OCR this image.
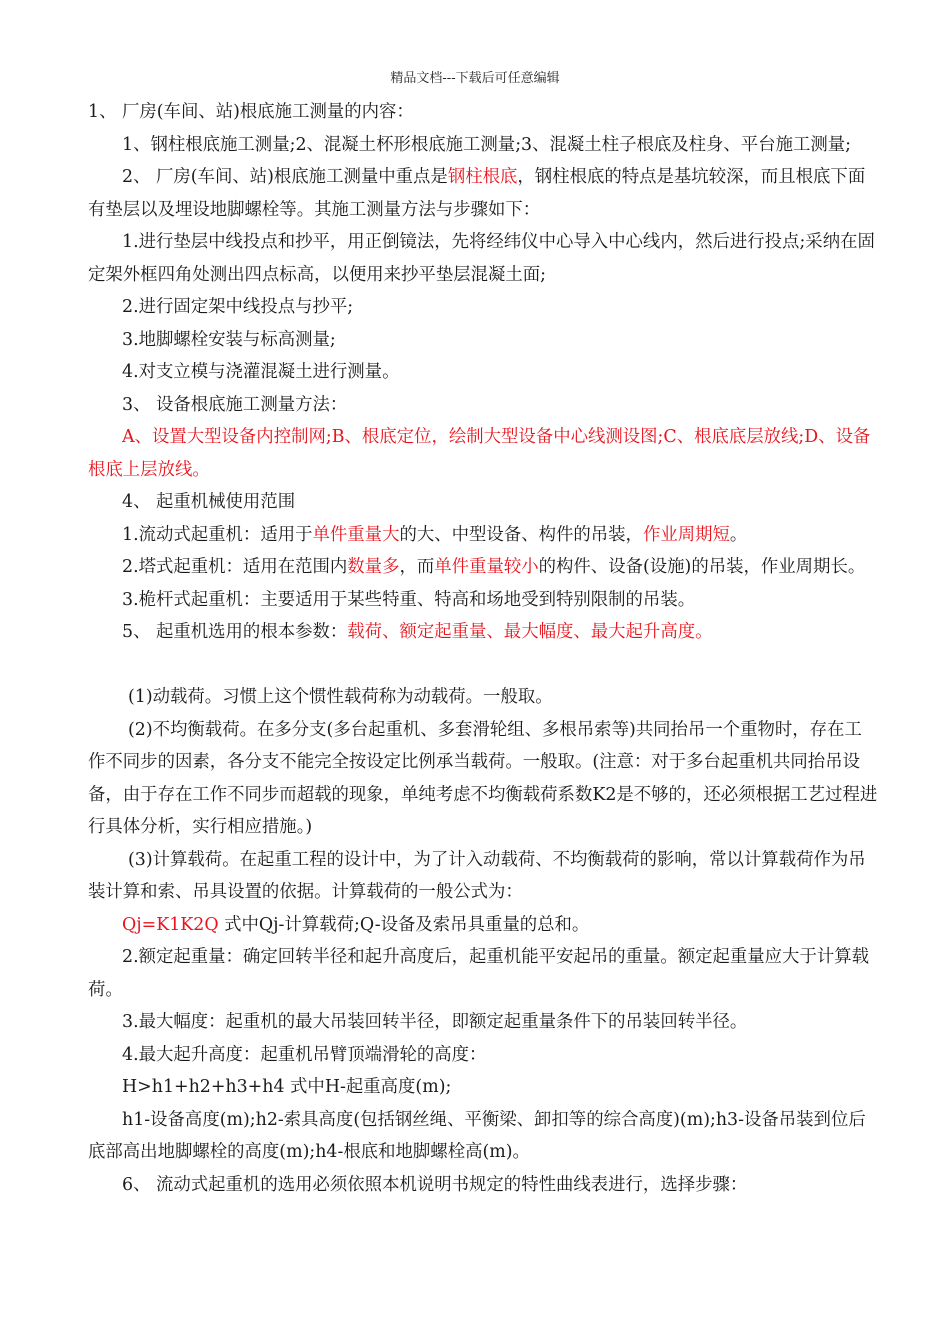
精品文档---下载后可任意编辑

1、 厂房(车间、站)根底施工测量的内容：

1、钢柱根底施工测量;2、混凝土杯形根底施工测量;3、混凝土柱子根底及柱身、平台施工测量;

2、 厂房(车间、站)根底施工测量中重点是钢柱根底，钢柱根底的特点是基坑较深，而且根底下面有垫层以及埋设地脚螺栓等。其施工测量方法与步骤如下：

1.进行垫层中线投点和抄平，用正倒镜法，先将经纬仪中心导入中心线内，然后进行投点;采纳在固定架外框四角处测出四点标高，以便用来抄平垫层混凝土面;

2.进行固定架中线投点与抄平;

3.地脚螺栓安装与标高测量;

4.对支立模与浇灌混凝土进行测量。

3、 设备根底施工测量方法：

A、设置大型设备内控制网;B、根底定位，绘制大型设备中心线测设图;C、根底底层放线;D、设备根底上层放线。

4、 起重机械使用范围

1.流动式起重机：适用于单件重量大的大、中型设备、构件的吊装，作业周期短。

2.塔式起重机：适用在范围内数量多，而单件重量较小的构件、设备(设施)的吊装，作业周期长。

3.桅杆式起重机：主要适用于某些特重、特高和场地受到特别限制的吊装。

5、 起重机选用的根本参数：载荷、额定起重量、最大幅度、最大起升高度。

(1)动载荷。习惯上这个惯性载荷称为动载荷。一般取。

(2)不均衡载荷。在多分支(多台起重机、多套滑轮组、多根吊索等)共同抬吊一个重物时，存在工作不同步的因素，各分支不能完全按设定比例承当载荷。一般取。(注意：对于多台起重机共同抬吊设备，由于存在工作不同步而超载的现象，单纯考虑不均衡载荷系数K2是不够的，还必须根据工艺过程进行具体分析，实行相应措施。)

(3)计算载荷。在起重工程的设计中，为了计入动载荷、不均衡载荷的影响，常以计算载荷作为吊装计算和索、吊具设置的依据。计算载荷的一般公式为：

Qj=K1K2Q 式中Qj-计算载荷;Q-设备及索吊具重量的总和。

2.额定起重量：确定回转半径和起升高度后，起重机能平安起吊的重量。额定起重量应大于计算载荷。

3.最大幅度：起重机的最大吊装回转半径，即额定起重量条件下的吊装回转半径。

4.最大起升高度：起重机吊臂顶端滑轮的高度：

H>h1+h2+h3+h4 式中H-起重高度(m);

h1-设备高度(m);h2-索具高度(包括钢丝绳、平衡梁、卸扣等的综合高度)(m);h3-设备吊装到位后底部高出地脚螺栓的高度(m);h4-根底和地脚螺栓高(m)。

6、 流动式起重机的选用必须依照本机说明书规定的特性曲线表进行，选择步骤：
